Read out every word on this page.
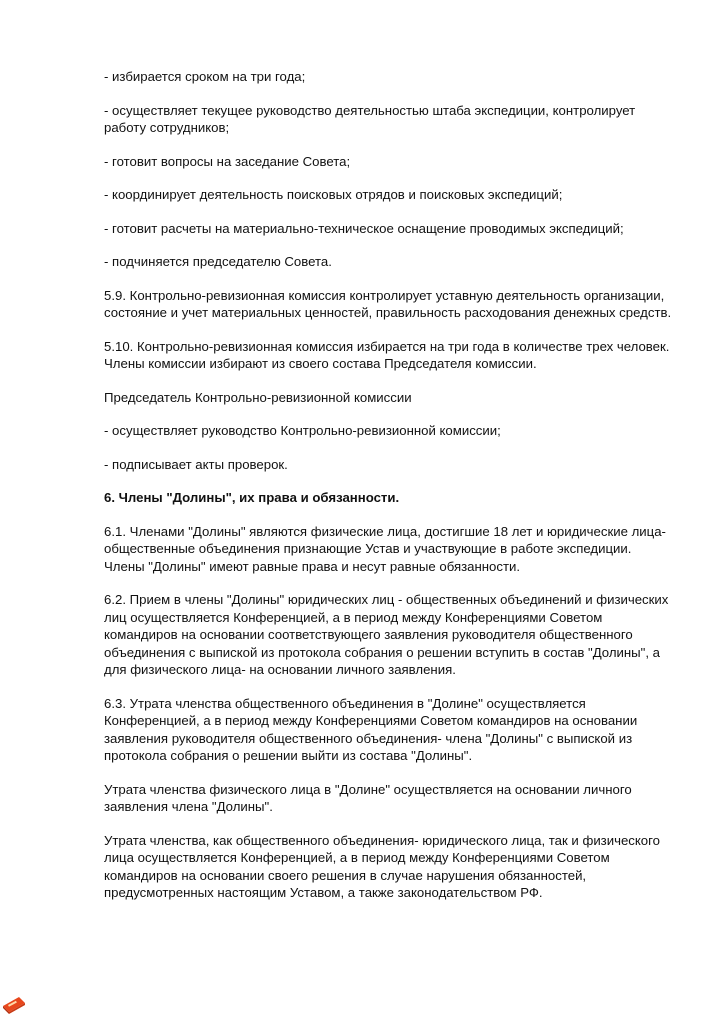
- избирается сроком на три года;

- осуществляет текущее руководство деятельностью штаба экспедиции, контролирует работу сотрудников;

- готовит вопросы на заседание Совета;

- координирует деятельность поисковых отрядов и поисковых экспедиций;

- готовит расчеты на материально-техническое оснащение проводимых экспедиций;

- подчиняется председателю Совета.

5.9. Контрольно-ревизионная комиссия контролирует уставную деятельность организации, состояние и учет материальных ценностей, правильность расходования денежных средств.

5.10. Контрольно-ревизионная комиссия избирается на три года в количестве трех человек. Члены комиссии избирают из своего состава Председателя комиссии.

Председатель Контрольно-ревизионной комиссии

- осуществляет руководство Контрольно-ревизионной комиссии;

- подписывает акты проверок.

6. Члены "Долины", их права и обязанности.

6.1. Членами "Долины" являются физические лица, достигшие 18 лет и юридические лица-общественные объединения признающие Устав и участвующие в работе экспедиции. Члены "Долины" имеют равные права и несут равные обязанности.

6.2. Прием в члены "Долины" юридических лиц - общественных объединений и физических лиц осуществляется Конференцией, а в период между Конференциями Советом командиров на основании соответствующего заявления руководителя общественного объединения с выпиской из протокола собрания о решении вступить в состав "Долины", а для физического лица- на основании личного заявления.

6.3. Утрата членства общественного объединения в "Долине" осуществляется Конференцией, а в период между Конференциями Советом командиров на основании заявления руководителя общественного объединения- члена "Долины" с выпиской из протокола собрания о решении выйти из состава "Долины".

Утрата членства физического лица в "Долине" осуществляется на основании личного заявления члена "Долины".

Утрата членства, как общественного объединения- юридического лица, так и физического лица осуществляется Конференцией, а в период между Конференциями Советом командиров на основании своего решения в случае нарушения обязанностей, предусмотренных настоящим Уставом, а также законодательством РФ.
